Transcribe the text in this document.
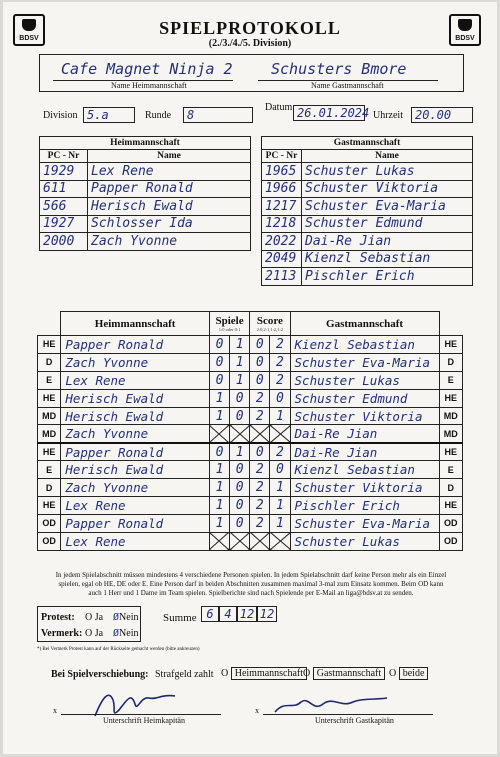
BDSV	BDSV
SPIELPROTOKOLL
(2./3./4./5. Division)
Cafe Magnet Ninja 2	Schusters Bmore
Name Heimmannschaft	Name Gastmannschaft
Division 5.a	Runde	8
Datum 26.01.2024 Uhrzeit	20.00
Heimmannschaft	
PC - Nr	Name
1929	Lex Rene
611	Papper Ronald
566	Herisch Ewald
1927	Schlosser Ida
2000	Zach Yvonne
Gastmannschaft	
PC - Nr	Name
1965	Schuster Lukas
1966	Schuster Viktoria
1217	Schuster Eva-Maria
1218	Schuster Edmund
2022	Dai-Re Jian
2049	Kienzl Sebastian
2113	Pischler Erich
	Heimmannschaft	Spiele
1:0 oder 0:1		Score
2:0,2:1,1:2,1:2		Gastmannschaft	
HE	Papper Ronald	0	1	0	2	Kienzl Sebastian	HE
D	Zach Yvonne	0	1	0	2	Schuster Eva-Maria	D
E	Lex Rene	0	1	0	2	Schuster Lukas	E
HE	Herisch Ewald	1	0	2	0	Schuster Edmund	HE
MD	Herisch Ewald	1	0	2	1	Schuster Viktoria	MD
MD	Zach Yvonne					Dai-Re Jian	MD
HE	Papper Ronald	0	1	0	2	Dai-Re Jian	HE
E	Herisch Ewald	1	0	2	0	Kienzl Sebastian	E
D	Zach Yvonne	1	0	2	1	Schuster Viktoria	D
HE	Lex Rene	1	0	2	1	Pischler Erich	HE
OD	Papper Ronald	1	0	2	1	Schuster Eva-Maria	OD
OD	Lex Rene					Schuster Lukas	OD
In jedem Spielabschnitt müssen mindestens 4 verschiedene Personen spielen. In jedem Spielabschnitt darf keine Person mehr als ein Einzel spielen, egal ob HE, DE oder E. Eine Person darf in beiden Abschnitten zusammen maximal 3-mal zum Einsatz kommen. Beim OD kann auch 1 Herr und 1 Dame im Team spielen. Spielberichte sind nach Spielende per E-Mail an liga@bdsv.at zu senden.
Protest: O Ja ØNein
Vermerk: O Ja ØNein
*) Bei Vermerk Protest kann auf der Rückseite gemacht werden (bitte ankreuzen)
Summe 6 4 12 12
Bei Spielverschiebung: Strafgeld zahlt O Heimmannschaft O Gastmannschaft O beide
x
Unterschrift Heimkapitän
x
Unterschrift Gastkapitän
